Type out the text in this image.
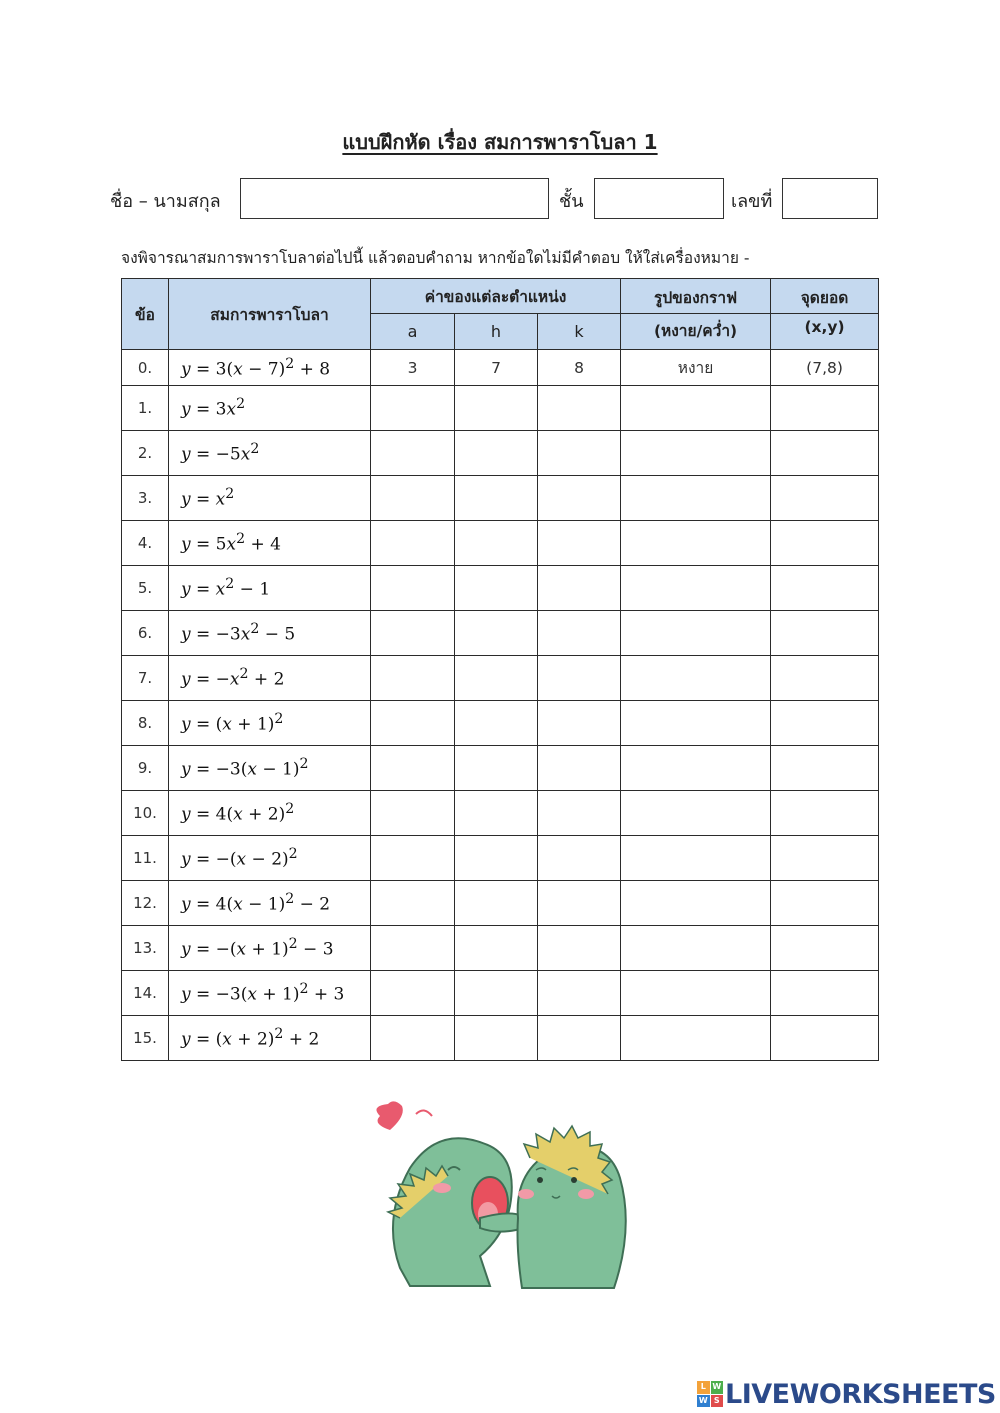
แบบฝึกหัด เรื่อง สมการพาราโบลา 1
ชื่อ – นามสกุล	ชั้น	เลขที่
จงพิจารณาสมการพาราโบลาต่อไปนี้ แล้วตอบคำถาม หากข้อใดไม่มีคำตอบ ให้ใส่เครื่องหมาย -
ข้อ	สมการพาราโบลา	ค่าของแต่ละตำแหน่ง			รูปของกราฟ	จุดยอด
		a	h	k	(หงาย/คว่ำ)	(x,y)
0.	$y = 3(x - 7)^2 + 8$	3	7	8	หงาย	(7,8)
1.	$y = 3x^2$					
2.	$y = -5x^2$					
3.	$y = x^2$					
4.	$y = 5x^2 + 4$					
5.	$y = x^2 - 1$					
6.	$y = -3x^2 - 5$					
7.	$y = -x^2 + 2$					
8.	$y = (x + 1)^2$					
9.	$y = -3(x - 1)^2$					
10.	$y = 4(x + 2)^2$					
11.	$y = -(x - 2)^2$					
12.	$y = 4(x - 1)^2 - 2$					
13.	$y = -(x + 1)^2 - 3$					
14.	$y = -3(x + 1)^2 + 3$					
15.	$y = (x + 2)^2 + 2$					
L W
W S LIVEWORKSHEETS
